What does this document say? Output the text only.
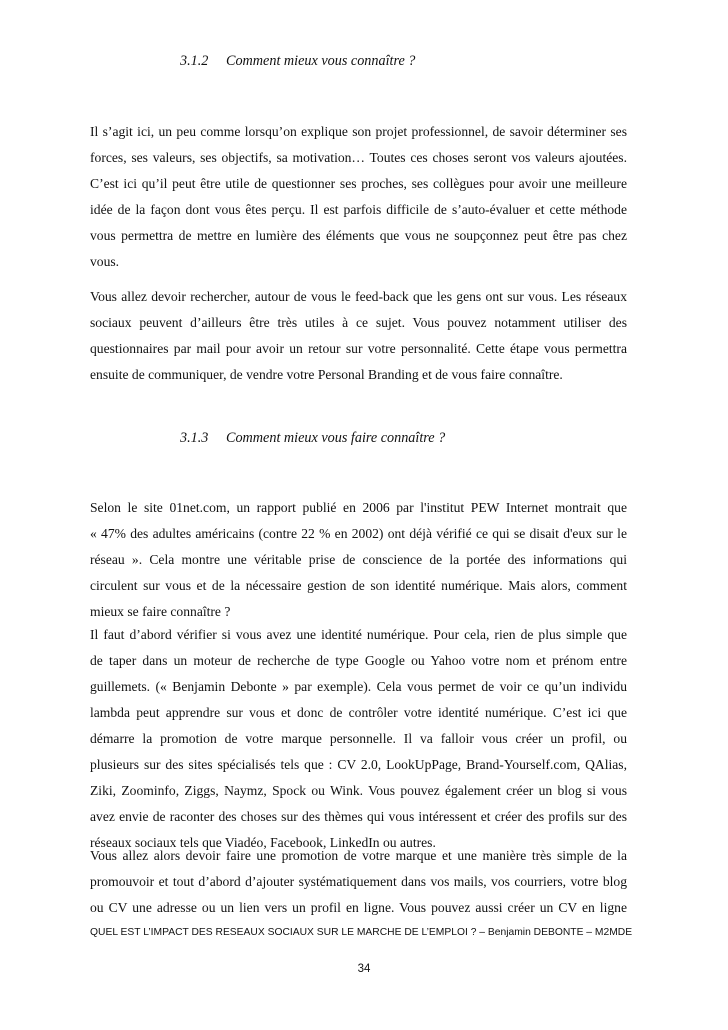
3.1.2 Comment mieux vous connaître ?
Il s’agit ici, un peu comme lorsqu’on explique son projet professionnel, de savoir déterminer ses
forces, ses valeurs, ses objectifs, sa motivation… Toutes ces choses seront vos valeurs ajoutées.
C’est ici qu’il peut être utile de questionner ses proches, ses collègues pour avoir une meilleure
idée de la façon dont vous êtes perçu. Il est parfois difficile de s’auto-évaluer et cette méthode
vous permettra de mettre en lumière des éléments que vous ne soupçonnez peut être pas chez
vous.
Vous allez devoir rechercher, autour de vous le feed-back que les gens ont sur vous. Les réseaux
sociaux peuvent d’ailleurs être très utiles à ce sujet. Vous pouvez notamment utiliser des
questionnaires par mail pour avoir un retour sur votre personnalité. Cette étape vous permettra
ensuite de communiquer, de vendre votre Personal Branding et de vous faire connaître.
3.1.3 Comment mieux vous faire connaître ?
Selon le site 01net.com, un rapport publié en 2006 par l'institut PEW Internet montrait que
« 47% des adultes américains (contre 22 % en 2002) ont déjà vérifié ce qui se disait d'eux sur le
réseau ». Cela montre une véritable prise de conscience de la portée des informations qui
circulent sur vous et de la nécessaire gestion de son identité numérique. Mais alors, comment
mieux se faire connaître ?
Il faut d’abord vérifier si vous avez une identité numérique. Pour cela, rien de plus simple que
de taper dans un moteur de recherche de type Google ou Yahoo votre nom et prénom entre
guillemets. (« Benjamin Debonte » par exemple). Cela vous permet de voir ce qu’un individu
lambda peut apprendre sur vous et donc de contrôler votre identité numérique. C’est ici que
démarre la promotion de votre marque personnelle. Il va falloir vous créer un profil, ou
plusieurs sur des sites spécialisés tels que : CV 2.0, LookUpPage, Brand-Yourself.com, QAlias,
Ziki, Zoominfo, Ziggs, Naymz, Spock ou Wink. Vous pouvez également créer un blog si vous
avez envie de raconter des choses sur des thèmes qui vous intéressent et créer des profils sur des
réseaux sociaux tels que Viadéo, Facebook, LinkedIn ou autres.
Vous allez alors devoir faire une promotion de votre marque et une manière très simple de la
promouvoir et tout d’abord d’ajouter systématiquement dans vos mails, vos courriers, votre blog
ou CV une adresse ou un lien vers un profil en ligne. Vous pouvez aussi créer un CV en ligne
QUEL EST L’IMPACT DES RESEAUX SOCIAUX SUR LE MARCHE DE L’EMPLOI ? – Benjamin DEBONTE – M2MDE
34
